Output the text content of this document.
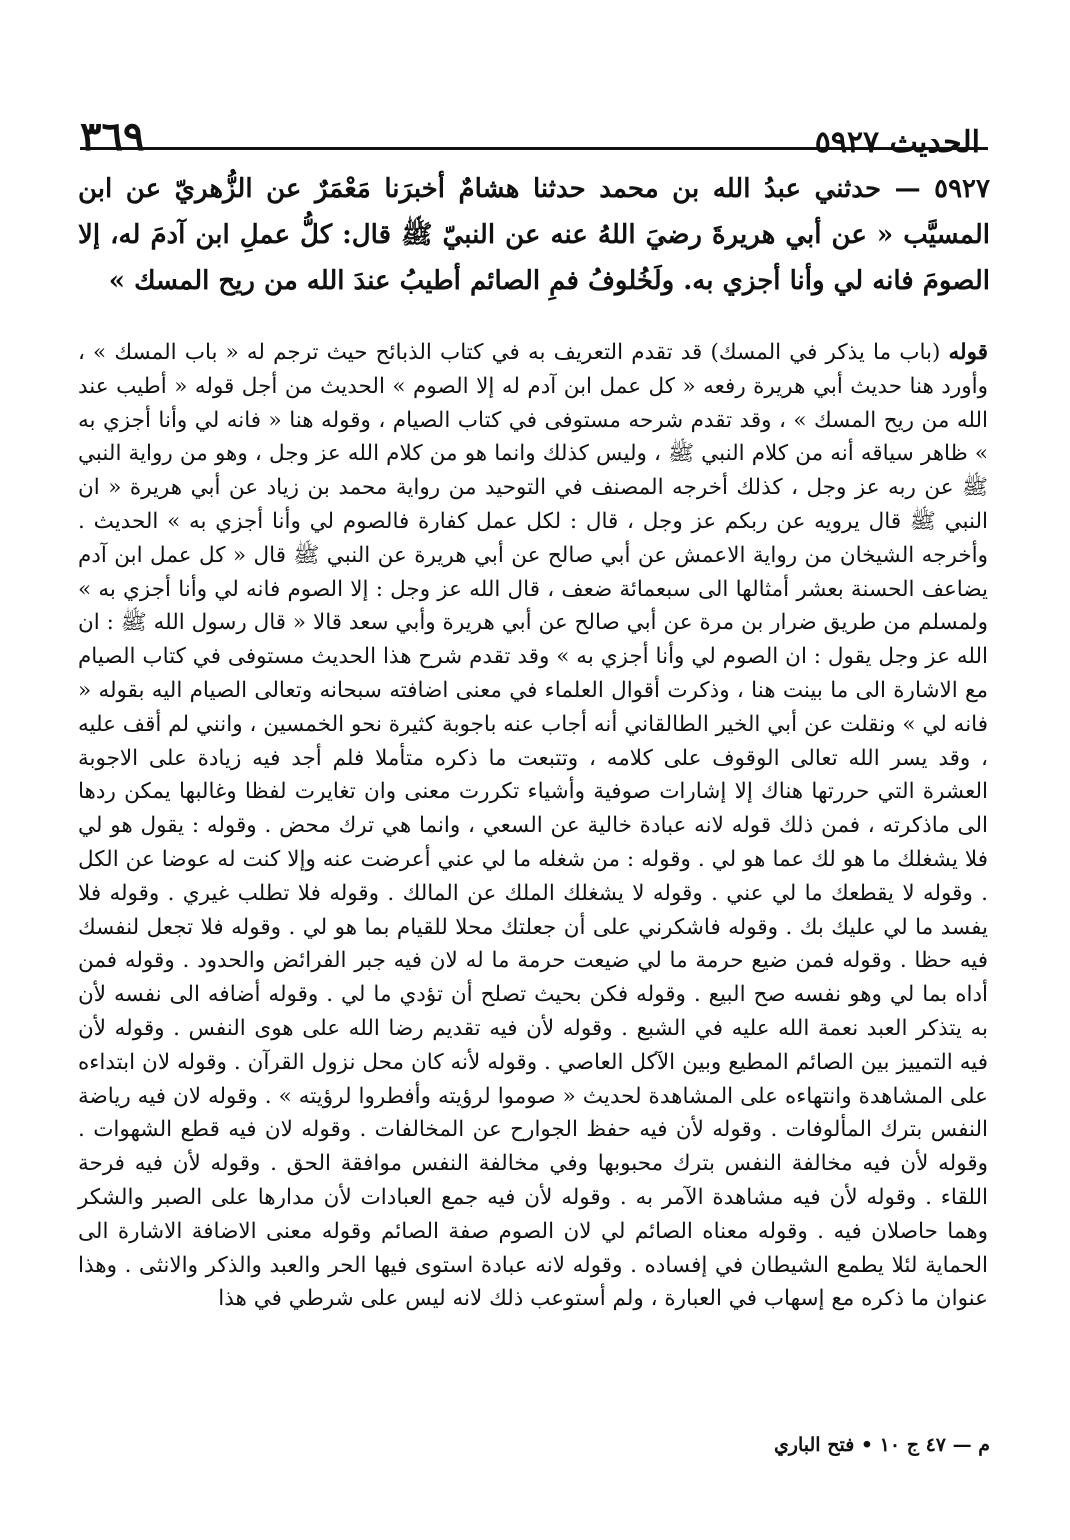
الحديث ٥٩٢٧
٣٦٩
٥٩٢٧ — حدثني عبدُ الله بن محمد حدثنا هشامٌ أخبرَنا مَعْمَرٌ عن الزُّهريّ عن ابن المسيَّب « عن أبي هريرةَ رضيَ اللهُ عنه عن النبيّ ﷺ قال: كلُّ عملِ ابن آدمَ له، إلا الصومَ فانه لي وأنا أجزي به. ولَخُلوفُ فمِ الصائم أطيبُ عندَ الله من ريح المسك »

قوله (باب ما يذكر في المسك) قد تقدم التعريف به في كتاب الذبائح حيث ترجم له « باب المسك » ، وأورد هنا حديث أبي هريرة رفعه « كل عمل ابن آدم له إلا الصوم » الحديث من أجل قوله « أطيب عند الله من ريح المسك » ، وقد تقدم شرحه مستوفى في كتاب الصيام ، وقوله هنا « فانه لي وأنا أجزي به » ظاهر سياقه أنه من كلام النبي ﷺ ، وليس كذلك وانما هو من كلام الله عز وجل ، وهو من رواية النبي ﷺ عن ربه عز وجل ، كذلك أخرجه المصنف في التوحيد من رواية محمد بن زياد عن أبي هريرة « ان النبي ﷺ قال يرويه عن ربكم عز وجل ، قال : لكل عمل كفارة فالصوم لي وأنا أجزي به » الحديث . وأخرجه الشيخان من رواية الاعمش عن أبي صالح عن أبي هريرة عن النبي ﷺ قال « كل عمل ابن آدم يضاعف الحسنة بعشر أمثالها الى سبعمائة ضعف ، قال الله عز وجل : إلا الصوم فانه لي وأنا أجزي به » ولمسلم من طريق ضرار بن مرة عن أبي صالح عن أبي هريرة وأبي سعد قالا « قال رسول الله ﷺ : ان الله عز وجل يقول : ان الصوم لي وأنا أجزي به » وقد تقدم شرح هذا الحديث مستوفى في كتاب الصيام مع الاشارة الى ما بينت هنا ، وذكرت أقوال العلماء في معنى اضافته سبحانه وتعالى الصيام اليه بقوله « فانه لي » ونقلت عن أبي الخير الطالقاني أنه أجاب عنه باجوبة كثيرة نحو الخمسين ، وانني لم أقف عليه ، وقد يسر الله تعالى الوقوف على كلامه ، وتتبعت ما ذكره متأملا فلم أجد فيه زيادة على الاجوبة العشرة التي حررتها هناك إلا إشارات صوفية وأشياء تكررت معنى وان تغايرت لفظا وغالبها يمكن ردها الى ماذكرته ، فمن ذلك قوله لانه عبادة خالية عن السعي ، وانما هي ترك محض . وقوله : يقول هو لي فلا يشغلك ما هو لك عما هو لي . وقوله : من شغله ما لي عني أعرضت عنه وإلا كنت له عوضا عن الكل . وقوله لا يقطعك ما لي عني . وقوله لا يشغلك الملك عن المالك . وقوله فلا تطلب غيري . وقوله فلا يفسد ما لي عليك بك . وقوله فاشكرني على أن جعلتك محلا للقيام بما هو لي . وقوله فلا تجعل لنفسك فيه حظا . وقوله فمن ضيع حرمة ما لي ضيعت حرمة ما له لان فيه جبر الفرائض والحدود . وقوله فمن أداه بما لي وهو نفسه صح البيع . وقوله فكن بحيث تصلح أن تؤدي ما لي . وقوله أضافه الى نفسه لأن به يتذكر العبد نعمة الله عليه في الشبع . وقوله لأن فيه تقديم رضا الله على هوى النفس . وقوله لأن فيه التمييز بين الصائم المطيع وبين الآكل العاصي . وقوله لأنه كان محل نزول القرآن . وقوله لان ابتداءه على المشاهدة وانتهاءه على المشاهدة لحديث « صوموا لرؤيته وأفطروا لرؤيته » . وقوله لان فيه رياضة النفس بترك المألوفات . وقوله لأن فيه حفظ الجوارح عن المخالفات . وقوله لان فيه قطع الشهوات . وقوله لأن فيه مخالفة النفس بترك محبوبها وفي مخالفة النفس موافقة الحق . وقوله لأن فيه فرحة اللقاء . وقوله لأن فيه مشاهدة الآمر به . وقوله لأن فيه جمع العبادات لأن مدارها على الصبر والشكر وهما حاصلان فيه . وقوله معناه الصائم لي لان الصوم صفة الصائم وقوله معنى الاضافة الاشارة الى الحماية لئلا يطمع الشيطان في إفساده . وقوله لانه عبادة استوى فيها الحر والعبد والذكر والانثى . وهذا عنوان ما ذكره مع إسهاب في العبارة ، ولم أستوعب ذلك لانه ليس على شرطي في هذا

م — ٤٧ ج ١٠ • فتح الباري
